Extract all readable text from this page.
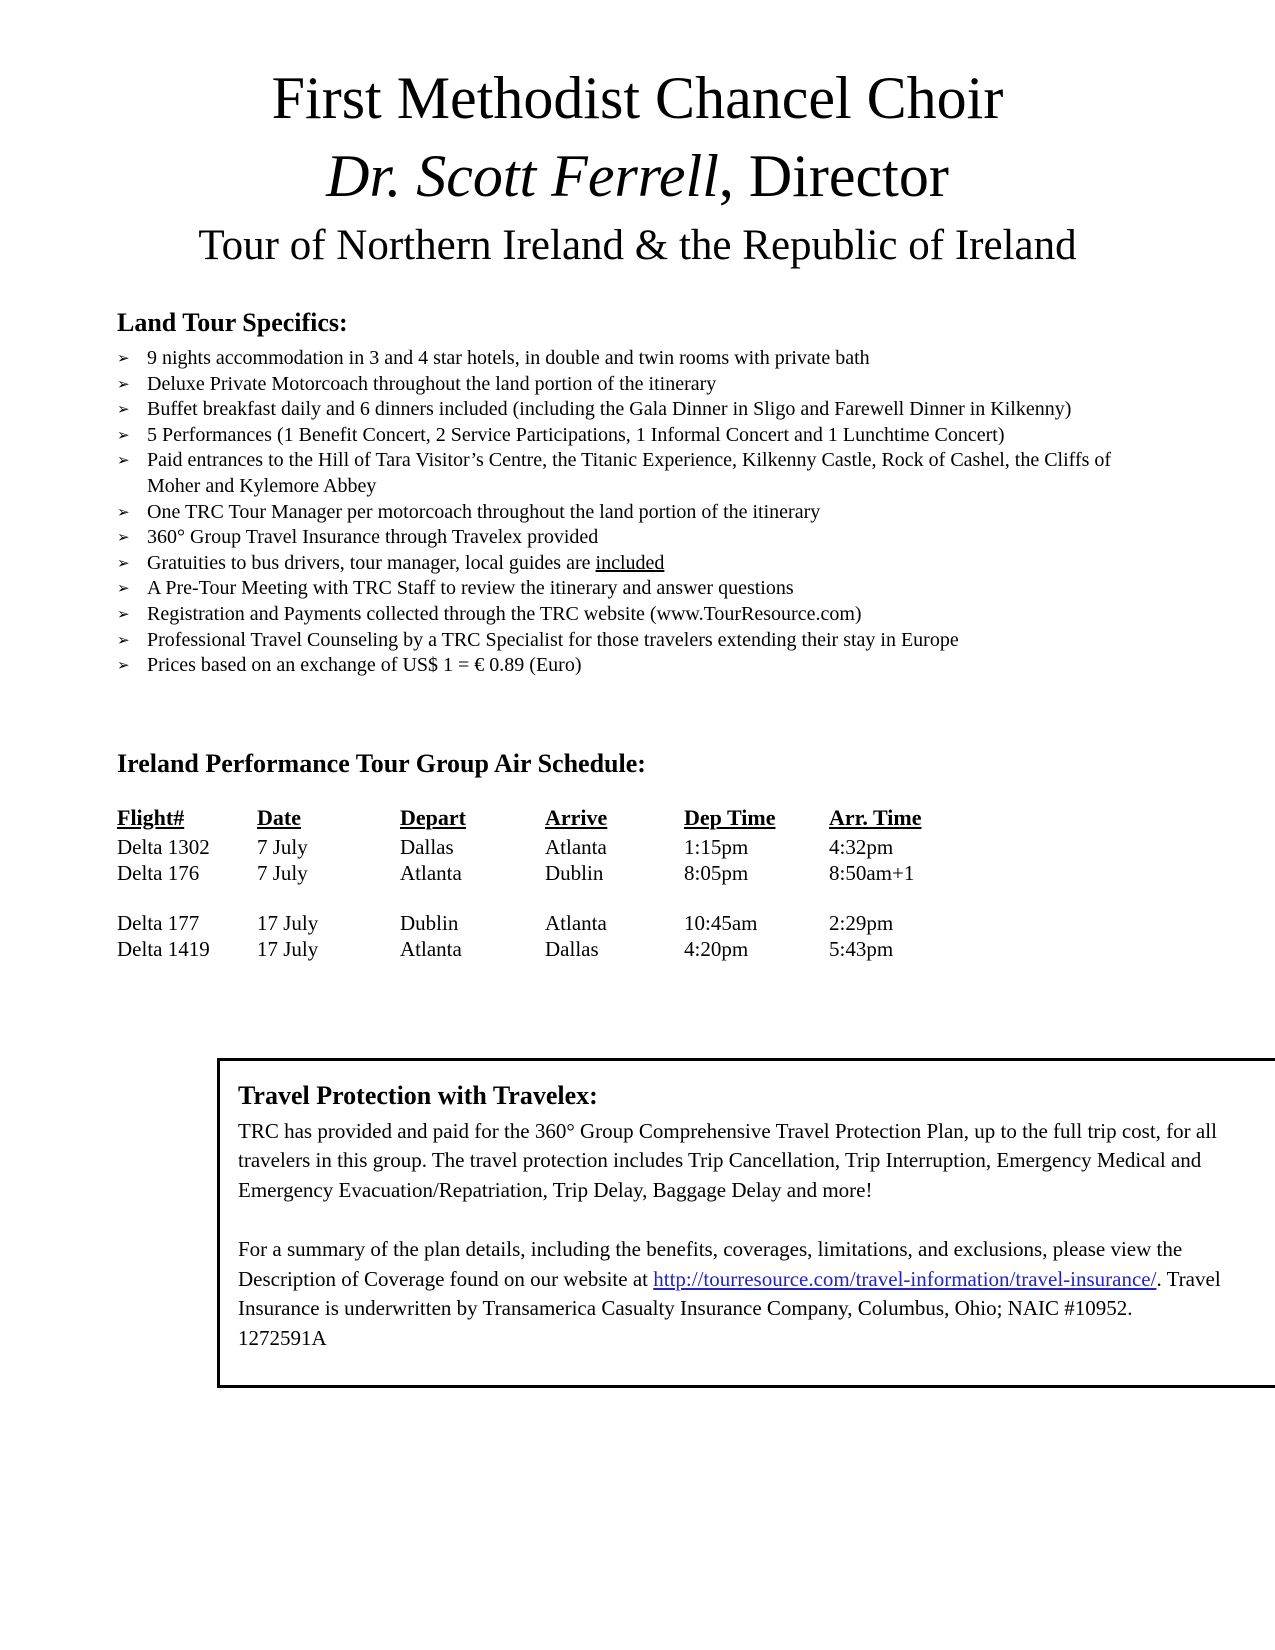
First Methodist Chancel Choir
Dr. Scott Ferrell, Director
Tour of Northern Ireland & the Republic of Ireland
Land Tour Specifics:
➢ 9 nights accommodation in 3 and 4 star hotels, in double and twin rooms with private bath
➢ Deluxe Private Motorcoach throughout the land portion of the itinerary
➢ Buffet breakfast daily and 6 dinners included (including the Gala Dinner in Sligo and Farewell Dinner in Kilkenny)
➢ 5 Performances (1 Benefit Concert, 2 Service Participations, 1 Informal Concert and 1 Lunchtime Concert)
➢ Paid entrances to the Hill of Tara Visitor’s Centre, the Titanic Experience, Kilkenny Castle, Rock of Cashel, the Cliffs of Moher and Kylemore Abbey
➢ One TRC Tour Manager per motorcoach throughout the land portion of the itinerary
➢ 360° Group Travel Insurance through Travelex provided
➢ Gratuities to bus drivers, tour manager, local guides are included
➢ A Pre-Tour Meeting with TRC Staff to review the itinerary and answer questions
➢ Registration and Payments collected through the TRC website (www.TourResource.com)
➢ Professional Travel Counseling by a TRC Specialist for those travelers extending their stay in Europe
➢ Prices based on an exchange of US$ 1 = € 0.89 (Euro)
Ireland Performance Tour Group Air Schedule:
Flight#	Date	Depart	Arrive	Dep Time	Arr. Time
Delta 1302	7 July	Dallas	Atlanta	1:15pm	4:32pm
Delta 176	7 July	Atlanta	Dublin	8:05pm	8:50am+1

Delta 177	17 July	Dublin	Atlanta	10:45am	2:29pm
Delta 1419	17 July	Atlanta	Dallas	4:20pm	5:43pm
Travel Protection with Travelex:

TRC has provided and paid for the 360° Group Comprehensive Travel Protection Plan, up to the full trip cost, for all travelers in this group. The travel protection includes Trip Cancellation, Trip Interruption, Emergency Medical and Emergency Evacuation/Repatriation, Trip Delay, Baggage Delay and more!

For a summary of the plan details, including the benefits, coverages, limitations, and exclusions, please view the Description of Coverage found on our website at http://tourresource.com/travel-information/travel-insurance/. Travel Insurance is underwritten by Transamerica Casualty Insurance Company, Columbus, Ohio; NAIC #10952.
1272591A
